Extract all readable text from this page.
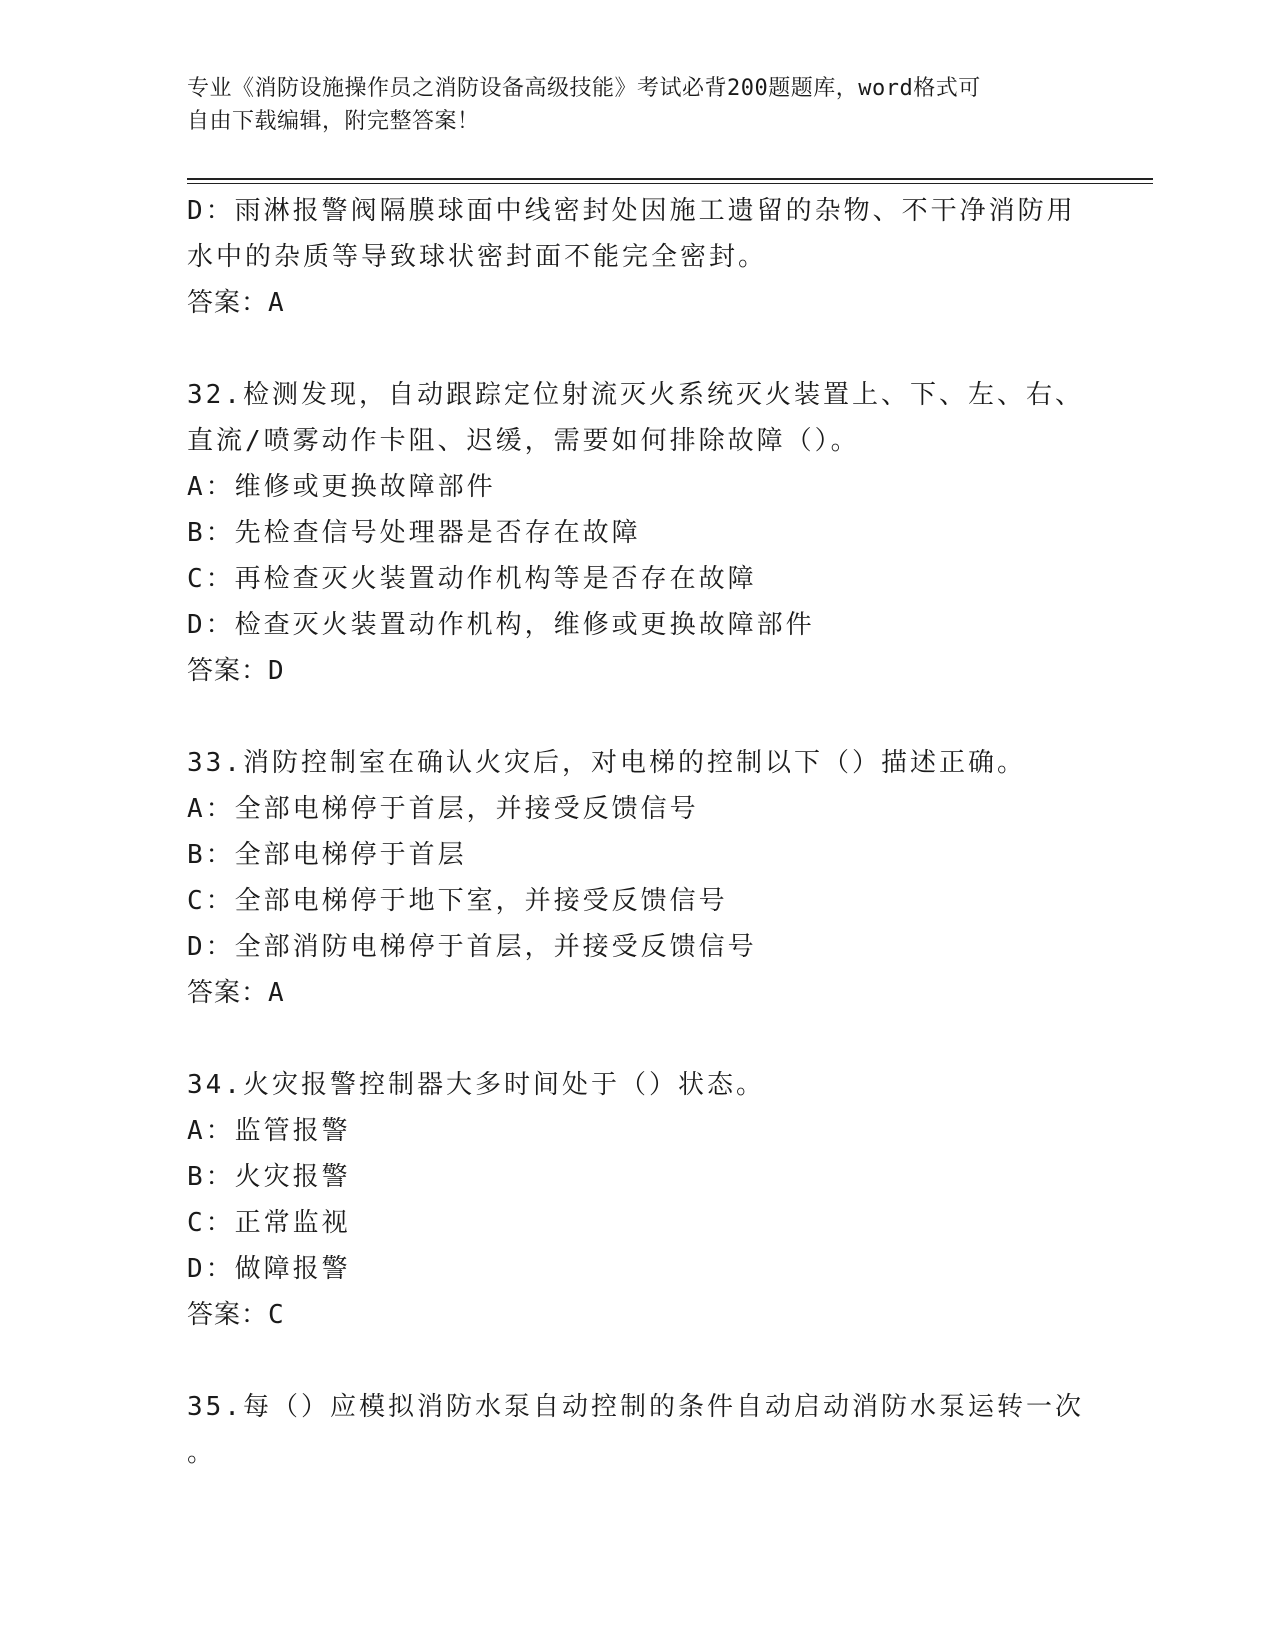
专业《消防设施操作员之消防设备高级技能》考试必背200题题库，word格式可
自由下载编辑，附完整答案！
D：雨淋报警阀隔膜球面中线密封处因施工遗留的杂物、不干净消防用
水中的杂质等导致球状密封面不能完全密封。
答案：A
32.检测发现，自动跟踪定位射流灭火系统灭火装置上、下、左、右、
直流/喷雾动作卡阻、迟缓，需要如何排除故障（）。
A：维修或更换故障部件
B：先检查信号处理器是否存在故障
C：再检查灭火装置动作机构等是否存在故障
D：检查灭火装置动作机构，维修或更换故障部件
答案：D
33.消防控制室在确认火灾后，对电梯的控制以下（）描述正确。
A：全部电梯停于首层，并接受反馈信号
B：全部电梯停于首层
C：全部电梯停于地下室，并接受反馈信号
D：全部消防电梯停于首层，并接受反馈信号
答案：A
34.火灾报警控制器大多时间处于（）状态。
A：监管报警
B：火灾报警
C：正常监视
D：做障报警
答案：C
35.每（）应模拟消防水泵自动控制的条件自动启动消防水泵运转一次
。
